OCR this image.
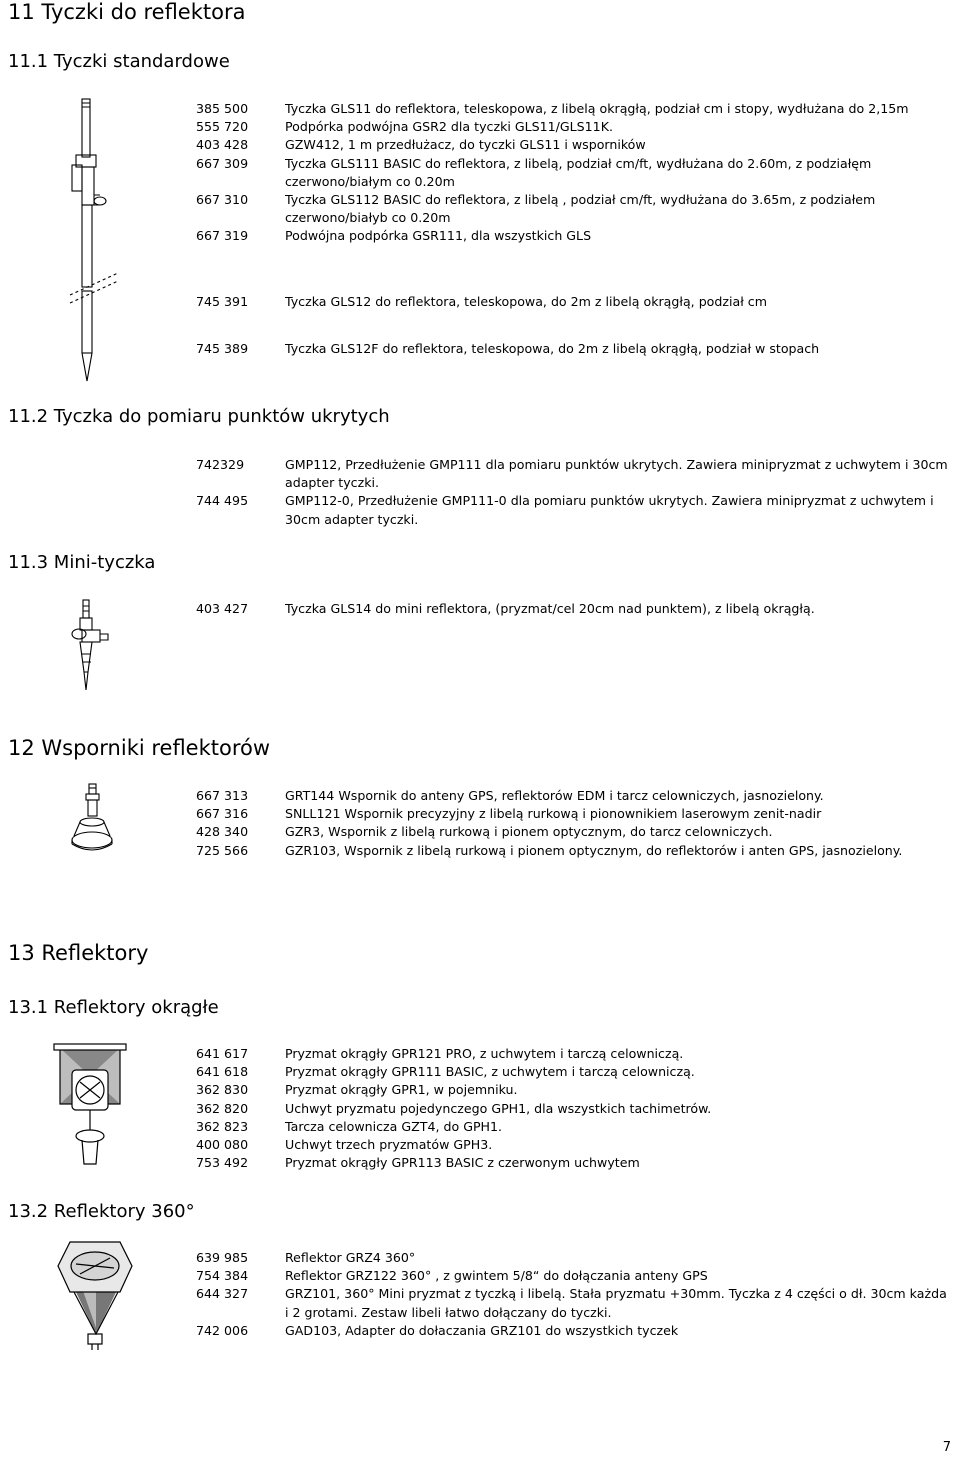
11 Tyczki do reflektora
11.1 Tyczki standardowe
11.2 Tyczka do pomiaru punktów ukrytych
11.3 Mini-tyczka
12 Wsporniki reflektorów
13 Reflektory
13.1 Reflektory okrągłe
13.2 Reflektory 360°
385 500	Tyczka GLS11 do reflektora, teleskopowa, z libelą okrągłą, podział cm i stopy, wydłużana do 2,15m
555 720	Podpórka podwójna GSR2 dla tyczki GLS11/GLS11K.
403 428	GZW412, 1 m przedłużacz, do tyczki GLS11 i wsporników
667 309	Tyczka GLS111 BASIC do reflektora, z libelą, podział cm/ft, wydłużana do 2.60m, z podziałęm czerwono/białym co 0.20m
667 310	Tyczka GLS112 BASIC do reflektora, z libelą , podział cm/ft, wydłużana do 3.65m, z podziałem czerwono/białyb co 0.20m
667 319	Podwójna podpórka GSR111, dla wszystkich GLS
745 391	Tyczka GLS12 do reflektora, teleskopowa, do 2m z libelą okrągłą, podział cm
745 389	Tyczka GLS12F do reflektora, teleskopowa, do 2m z libelą okrągłą, podział w stopach
742329	GMP112, Przedłużenie GMP111 dla pomiaru punktów ukrytych. Zawiera minipryzmat z uchwytem i 30cm adapter tyczki.
744 495	GMP112-0, Przedłużenie GMP111-0 dla pomiaru punktów ukrytych. Zawiera minipryzmat z uchwytem i 30cm adapter tyczki.
403 427	Tyczka GLS14 do mini reflektora, (pryzmat/cel 20cm nad punktem), z libelą okrągłą.
667 313	GRT144 Wspornik do anteny GPS, reflektorów EDM i tarcz celowniczych, jasnozielony.
667 316	SNLL121 Wspornik precyzyjny z libelą rurkową i pionownikiem laserowym zenit-nadir
428 340	GZR3, Wspornik z libelą rurkową i pionem optycznym, do tarcz celowniczych.
725 566	GZR103, Wspornik z libelą rurkową i pionem optycznym, do reflektorów i anten GPS, jasnozielony.
641 617	Pryzmat okrągły GPR121 PRO, z uchwytem i tarczą celowniczą.
641 618	Pryzmat okrągły GPR111 BASIC, z uchwytem i tarczą celowniczą.
362 830	Pryzmat okrągły GPR1, w pojemniku.
362 820	Uchwyt pryzmatu pojedynczego GPH1, dla wszystkich tachimetrów.
362 823	Tarcza celownicza GZT4, do GPH1.
400 080	Uchwyt trzech pryzmatów GPH3.
753 492	Pryzmat okrągły GPR113 BASIC z czerwonym uchwytem
639 985	Reflektor GRZ4 360°
754 384	Reflektor GRZ122 360° , z gwintem 5/8“ do dołączania anteny GPS
644 327	GRZ101, 360° Mini pryzmat z tyczką i libelą. Stała pryzmatu +30mm. Tyczka z 4 części o dł. 30cm każda i 2 grotami. Zestaw libeli łatwo dołączany do tyczki.
742 006	GAD103, Adapter do dołaczania GRZ101 do wszystkich tyczek
7
